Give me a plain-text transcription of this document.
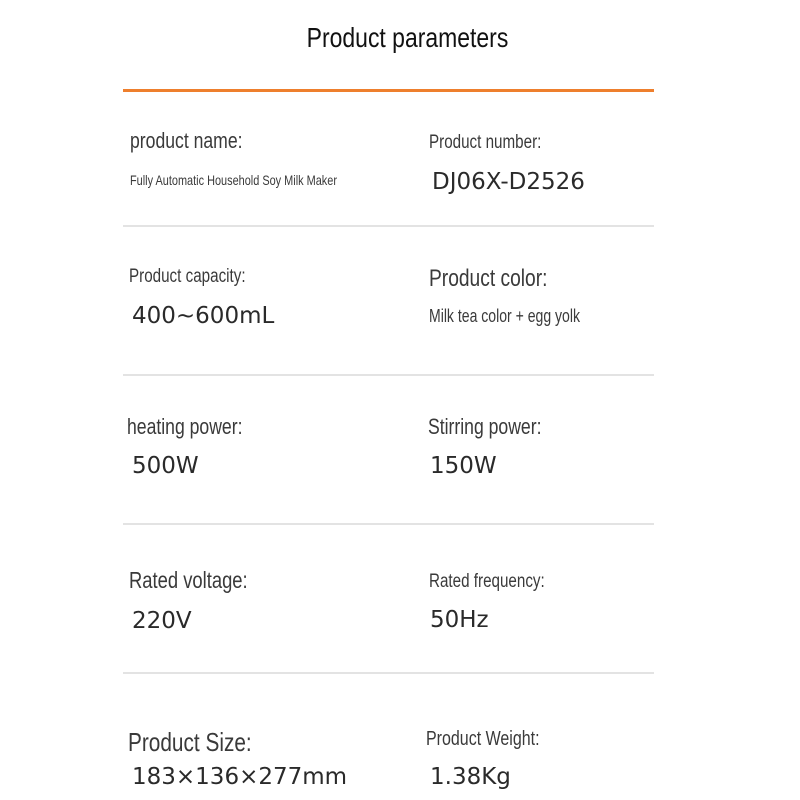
Product parameters
product name:
Fully Automatic Household Soy Milk Maker
Product number:
DJ06X-D2526
Product capacity:
400~600mL
Product color:
Milk tea color + egg yolk
heating power:
500W
Stirring power:
150W
Rated voltage:
220V
Rated frequency:
50Hz
Product Size:
183×136×277mm
Product Weight:
1.38Kg
